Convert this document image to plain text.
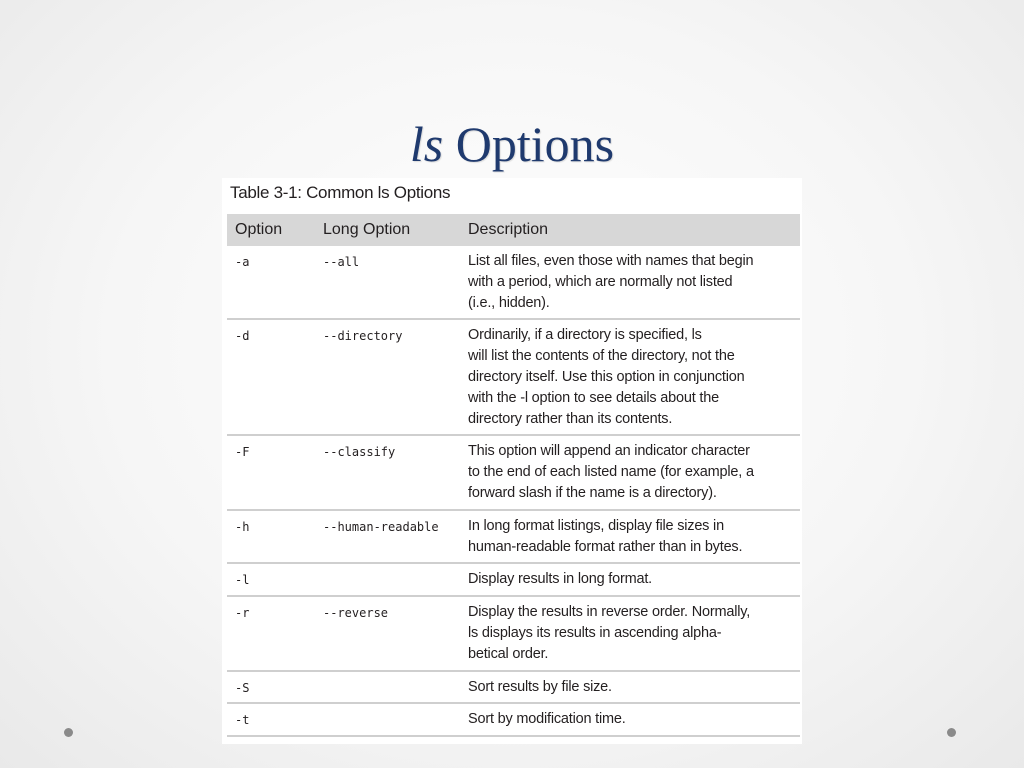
ls Options
Table 3-1: Common ls Options
Option	Long Option	Description
-a	--all	List all files, even those with names that begin
with a period, which are normally not listed
(i.e., hidden).

-d	--directory	Ordinarily, if a directory is specified, ls
will list the contents of the directory, not the
directory itself. Use this option in conjunction
with the -l option to see details about the
directory rather than its contents.

-F	--classify	This option will append an indicator character
to the end of each listed name (for example, a
forward slash if the name is a directory).

-h	--human-readable	In long format listings, display file sizes in
human-readable format rather than in bytes.

-l		Display results in long format.

-r	--reverse	Display the results in reverse order. Normally,
ls displays its results in ascending alpha-
betical order.

-S		Sort results by file size.

-t		Sort by modification time.
